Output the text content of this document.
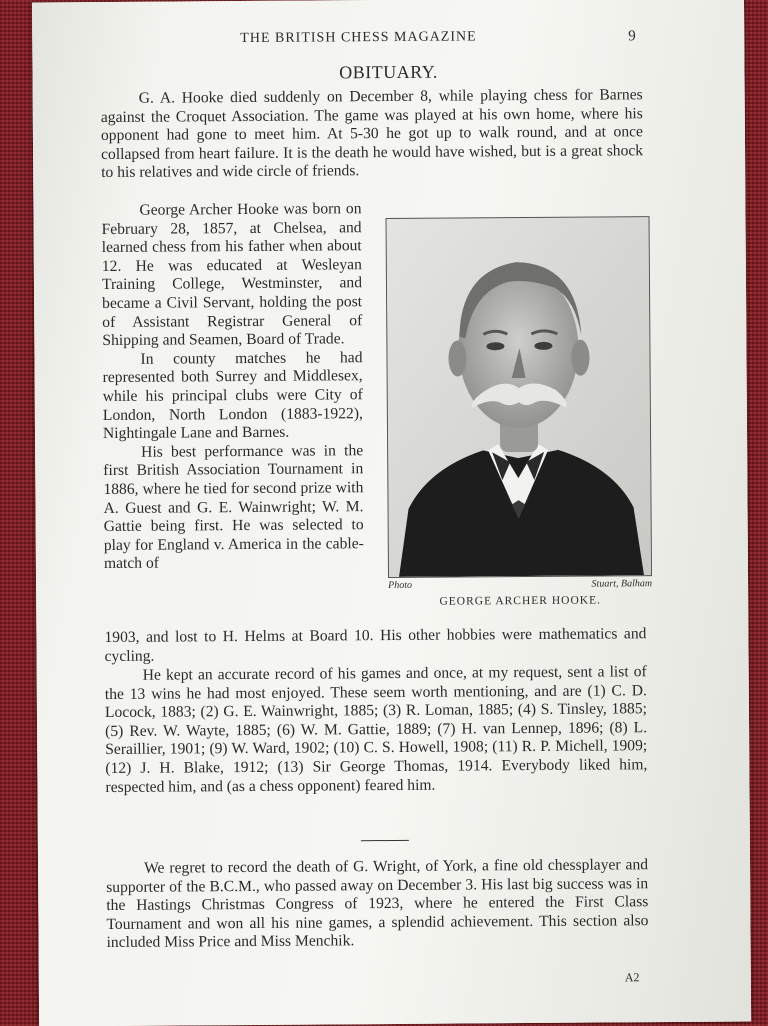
THE BRITISH CHESS MAGAZINE	9
OBITUARY.

G. A. Hooke died suddenly on December 8, while playing chess for Barnes against the Croquet Association. The game was played at his own home, where his opponent had gone to meet him. At 5-30 he got up to walk round, and at once collapsed from heart failure. It is the death he would have wished, but is a great shock to his relatives and wide circle of friends.

George Archer Hooke was born on February 28, 1857, at Chelsea, and learned chess from his father when about 12. He was educated at Wesleyan Training College, Westminster, and became a Civil Servant, holding the post of Assistant Registrar General of Shipping and Seamen, Board of Trade.

In county matches he had represented both Surrey and Middlesex, while his principal clubs were City of London, North London (1883-1922), Nightingale Lane and Barnes.

His best performance was in the first British Association Tournament in 1886, where he tied for second prize with A. Guest and G. E. Wainwright; W. M. Gattie being first. He was selected to play for England v. America in the cable-match of

Photo	Stuart, Balham
GEORGE ARCHER HOOKE.

1903, and lost to H. Helms at Board 10. His other hobbies were mathematics and cycling.

He kept an accurate record of his games and once, at my request, sent a list of the 13 wins he had most enjoyed. These seem worth mentioning, and are (1) C. D. Locock, 1883; (2) G. E. Wainwright, 1885; (3) R. Loman, 1885; (4) S. Tinsley, 1885; (5) Rev. W. Wayte, 1885; (6) W. M. Gattie, 1889; (7) H. van Lennep, 1896; (8) L. Seraillier, 1901; (9) W. Ward, 1902; (10) C. S. Howell, 1908; (11) R. P. Michell, 1909; (12) J. H. Blake, 1912; (13) Sir George Thomas, 1914. Everybody liked him, respected him, and (as a chess opponent) feared him.

We regret to record the death of G. Wright, of York, a fine old chessplayer and supporter of the B.C.M., who passed away on December 3. His last big success was in the Hastings Christmas Congress of 1923, where he entered the First Class Tournament and won all his nine games, a splendid achievement. This section also included Miss Price and Miss Menchik.

A2
